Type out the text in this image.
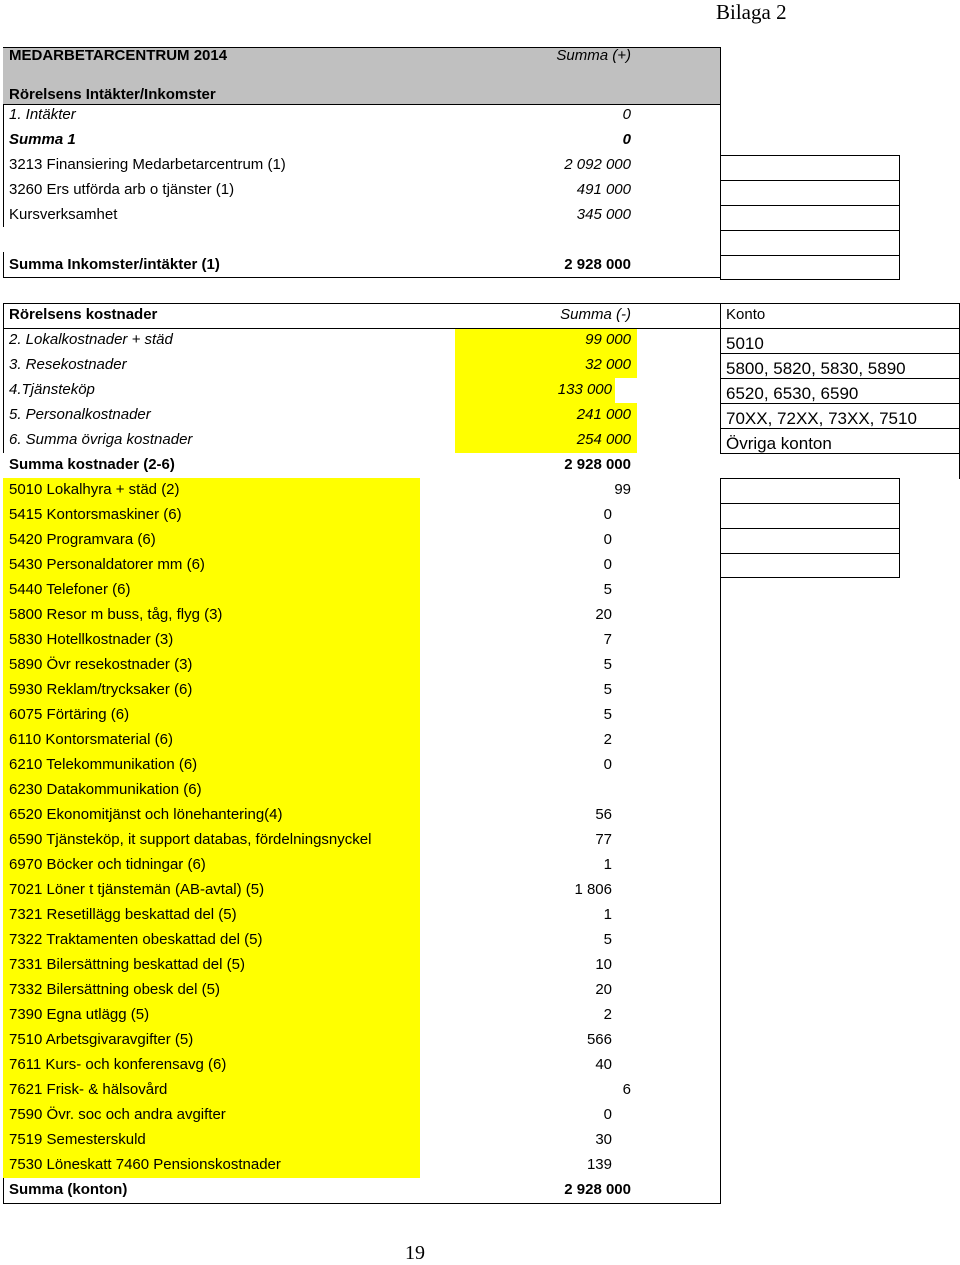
Bilaga 2
19
MEDARBETARCENTRUM 2014	Summa (+)
Rörelsens Intäkter/Inkomster
1. Intäkter	0
Summa 1	0
3213 Finansiering Medarbetarcentrum (1)	2 092 000
3260 Ers utförda arb o tjänster (1)	491 000
Kursverksamhet	345 000
Summa Inkomster/intäkter (1)	2 928 000
Rörelsens kostnader	Summa (-)	Konto
2. Lokalkostnader + städ	99 000	5010
3. Resekostnader	32 000	5800, 5820, 5830, 5890
4.Tjänsteköp	133 000	6520, 6530, 6590
5. Personalkostnader	241 000	70XX, 72XX, 73XX, 7510
6. Summa övriga kostnader	254 000	Övriga konton
Summa kostnader (2-6)	2 928 000
5010 Lokalhyra + städ (2)	99
5415 Kontorsmaskiner (6)	0
5420 Programvara (6)	0
5430 Personaldatorer mm (6)	0
5440 Telefoner (6)	5
5800 Resor m buss, tåg, flyg (3)	20
5830 Hotellkostnader (3)	7
5890 Övr resekostnader (3)	5
5930 Reklam/trycksaker (6)	5
6075 Förtäring (6)	5
6110 Kontorsmaterial (6)	2
6210 Telekommunikation (6)	0
6230 Datakommunikation (6)
6520 Ekonomitjänst och lönehantering(4)	56
6590 Tjänsteköp, it support databas, fördelningsnyckel	77
6970 Böcker och tidningar (6)	1
7021 Löner t tjänstemän (AB-avtal) (5)	1 806
7321 Resetillägg beskattad del (5)	1
7322 Traktamenten obeskattad del (5)	5
7331 Bilersättning beskattad del (5)	10
7332 Bilersättning obesk del (5)	20
7390 Egna utlägg (5)	2
7510 Arbetsgivaravgifter (5)	566
7611 Kurs- och konferensavg (6)	40
7621 Frisk- & hälsovård	6
7590 Övr. soc och andra avgifter	0
7519 Semesterskuld	30
7530 Löneskatt 7460 Pensionskostnader	139
Summa (konton)	2 928 000
